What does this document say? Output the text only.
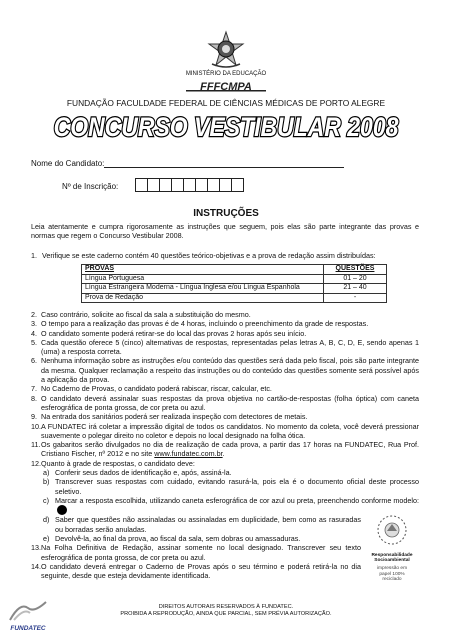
MINISTÉRIO DA EDUCAÇÃO
FFFCMPA
FUNDAÇÃO FACULDADE FEDERAL DE CIÊNCIAS MÉDICAS DE PORTO ALEGRE
CONCURSO VESTIBULAR 2008
Nome do Candidato:
Nº de Inscrição:
INSTRUÇÕES
Leia atentamente e cumpra rigorosamente as instruções que seguem, pois elas são parte integrante das provas e normas que regem o Concurso Vestibular 2008.
1. Verifique se este caderno contém 40 questões teórico-objetivas e a prova de redação assim distribuídas:
PROVAS	QUESTÕES
Língua Portuguesa	01 – 20
Língua Estrangeira Moderna - Língua Inglesa e/ou Língua Espanhola	21 – 40
Prova de Redação	-
2. Caso contrário, solicite ao fiscal da sala a substituição do mesmo.
3. O tempo para a realização das provas é de 4 horas, incluindo o preenchimento da grade de respostas.
4. O candidato somente poderá retirar-se do local das provas 2 horas após seu início.
5. Cada questão oferece 5 (cinco) alternativas de respostas, representadas pelas letras A, B, C, D, E, sendo apenas 1 (uma) a resposta correta.
6. Nenhuma informação sobre as instruções e/ou conteúdo das questões será dada pelo fiscal, pois são parte integrante da mesma. Qualquer reclamação a respeito das instruções ou do conteúdo das questões somente será possível após a aplicação da prova.
7. No Caderno de Provas, o candidato poderá rabiscar, riscar, calcular, etc.
8. O candidato deverá assinalar suas respostas da prova objetiva no cartão-de-respostas (folha óptica) com caneta esferográfica de ponta grossa, de cor preta ou azul.
9. Na entrada dos sanitários poderá ser realizada inspeção com detectores de metais.
10. A FUNDATEC irá coletar a impressão digital de todos os candidatos. No momento da coleta, você deverá pressionar suavemente o polegar direito no coletor e depois no local designado na folha ótica.
11. Os gabaritos serão divulgados no dia de realização de cada prova, a partir das 17 horas na FUNDATEC, Rua Prof. Cristiano Fischer, nº 2012 e no site www.fundatec.com.br.
12. Quanto à grade de respostas, o candidato deve:
a) Conferir seus dados de identificação e, após, assiná-la.
b) Transcrever suas respostas com cuidado, evitando rasurá-la, pois ela é o documento oficial deste processo seletivo.
c) Marcar a resposta escolhida, utilizando caneta esferográfica de cor azul ou preta, preenchendo conforme modelo:
d) Saber que questões não assinaladas ou assinaladas em duplicidade, bem como as rasuradas ou borradas serão anuladas.
e) Devolvê-la, ao final da prova, ao fiscal da sala, sem dobras ou amassaduras.
13. Na Folha Definitiva de Redação, assinar somente no local designado. Transcrever seu texto esferográfica de ponta grossa, de cor preta ou azul.
14. O candidato deverá entregar o Caderno de Provas após o seu término e poderá retirá-la no dia seguinte, desde que esteja devidamente identificada.
Responsabilidade Socioambiental
impressão em papel 100% reciclado
FUNDATEC
DIREITOS AUTORAIS RESERVADOS À FUNDATEC.
PROIBIDA A REPRODUÇÃO, AINDA QUE PARCIAL, SEM PRÉVIA AUTORIZAÇÃO.
